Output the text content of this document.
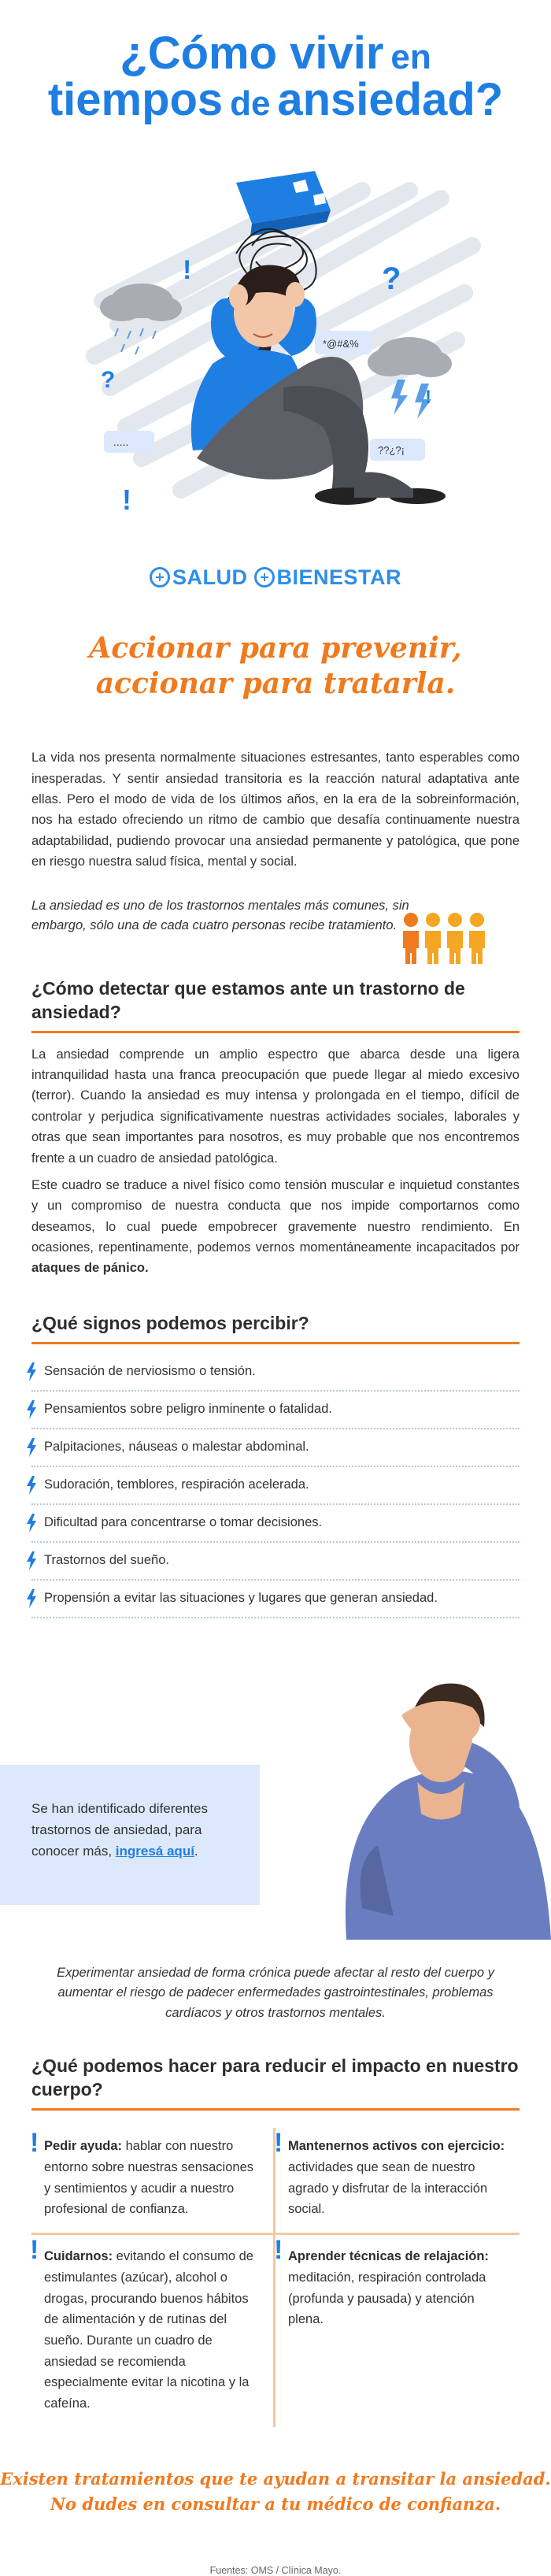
¿Cómo vivir en
tiempos de ansiedad?
!	?
?
!
!
*@#&%
.....
??¿?¡
SALUD BIENESTAR
Accionar para prevenir,
accionar para tratarla.

La vida nos presenta normalmente situaciones estresantes, tanto esperables como inesperadas. Y sentir ansiedad transitoria es la reacción natural adaptativa ante ellas. Pero el modo de vida de los últimos años, en la era de la sobreinformación, nos ha estado ofreciendo un ritmo de cambio que desafía continuamente nuestra adaptabilidad, pudiendo provocar una ansiedad permanente y patológica, que pone en riesgo nuestra salud física, mental y social.

La ansiedad es uno de los trastornos mentales más comunes, sin embargo, sólo una de cada cuatro personas recibe tratamiento.

¿Cómo detectar que estamos ante un trastorno de ansiedad?

La ansiedad comprende un amplio espectro que abarca desde una ligera intranquilidad hasta una franca preocupación que puede llegar al miedo excesivo (terror). Cuando la ansiedad es muy intensa y prolongada en el tiempo, difícil de controlar y perjudica significativamente nuestras actividades sociales, laborales y otras que sean importantes para nosotros, es muy probable que nos encontremos frente a un cuadro de ansiedad patológica.

Este cuadro se traduce a nivel físico como tensión muscular e inquietud constantes y un compromiso de nuestra conducta que nos impide comportarnos como deseamos, lo cual puede empobrecer gravemente nuestro rendimiento. En ocasiones, repentinamente, podemos vernos momentáneamente incapacitados por ataques de pánico.

¿Qué signos podemos percibir?
Sensación de nerviosismo o tensión.
Pensamientos sobre peligro inminente o fatalidad.
Palpitaciones, náuseas o malestar abdominal.
Sudoración, temblores, respiración acelerada.
Dificultad para concentrarse o tomar decisiones.
Trastornos del sueño.
Propensión a evitar las situaciones y lugares que generan ansiedad.

Se han identificado diferentes trastornos de ansiedad, para conocer más, ingresá aquí.

Experimentar ansiedad de forma crónica puede afectar al resto del cuerpo y aumentar el riesgo de padecer enfermedades gastrointestinales, problemas cardíacos y otros trastornos mentales.

¿Qué podemos hacer para reducir el impacto en nuestro cuerpo?
! Pedir ayuda: hablar con nuestro entorno sobre nuestras sensaciones y sentimientos y acudir a nuestro profesional de confianza.
! Mantenernos activos con ejercicio: actividades que sean de nuestro agrado y disfrutar de la interacción social.
! Cuidarnos: evitando el consumo de estimulantes (azúcar), alcohol o drogas, procurando buenos hábitos de alimentación y de rutinas del sueño. Durante un cuadro de ansiedad se recomienda especialmente evitar la nicotina y la cafeína.
! Aprender técnicas de relajación: meditación, respiración controlada (profunda y pausada) y atención plena.
Existen tratamientos que te ayudan a transitar la ansiedad.
No dudes en consultar a tu médico de confianza.

Fuentes: OMS / Clínica Mayo.
